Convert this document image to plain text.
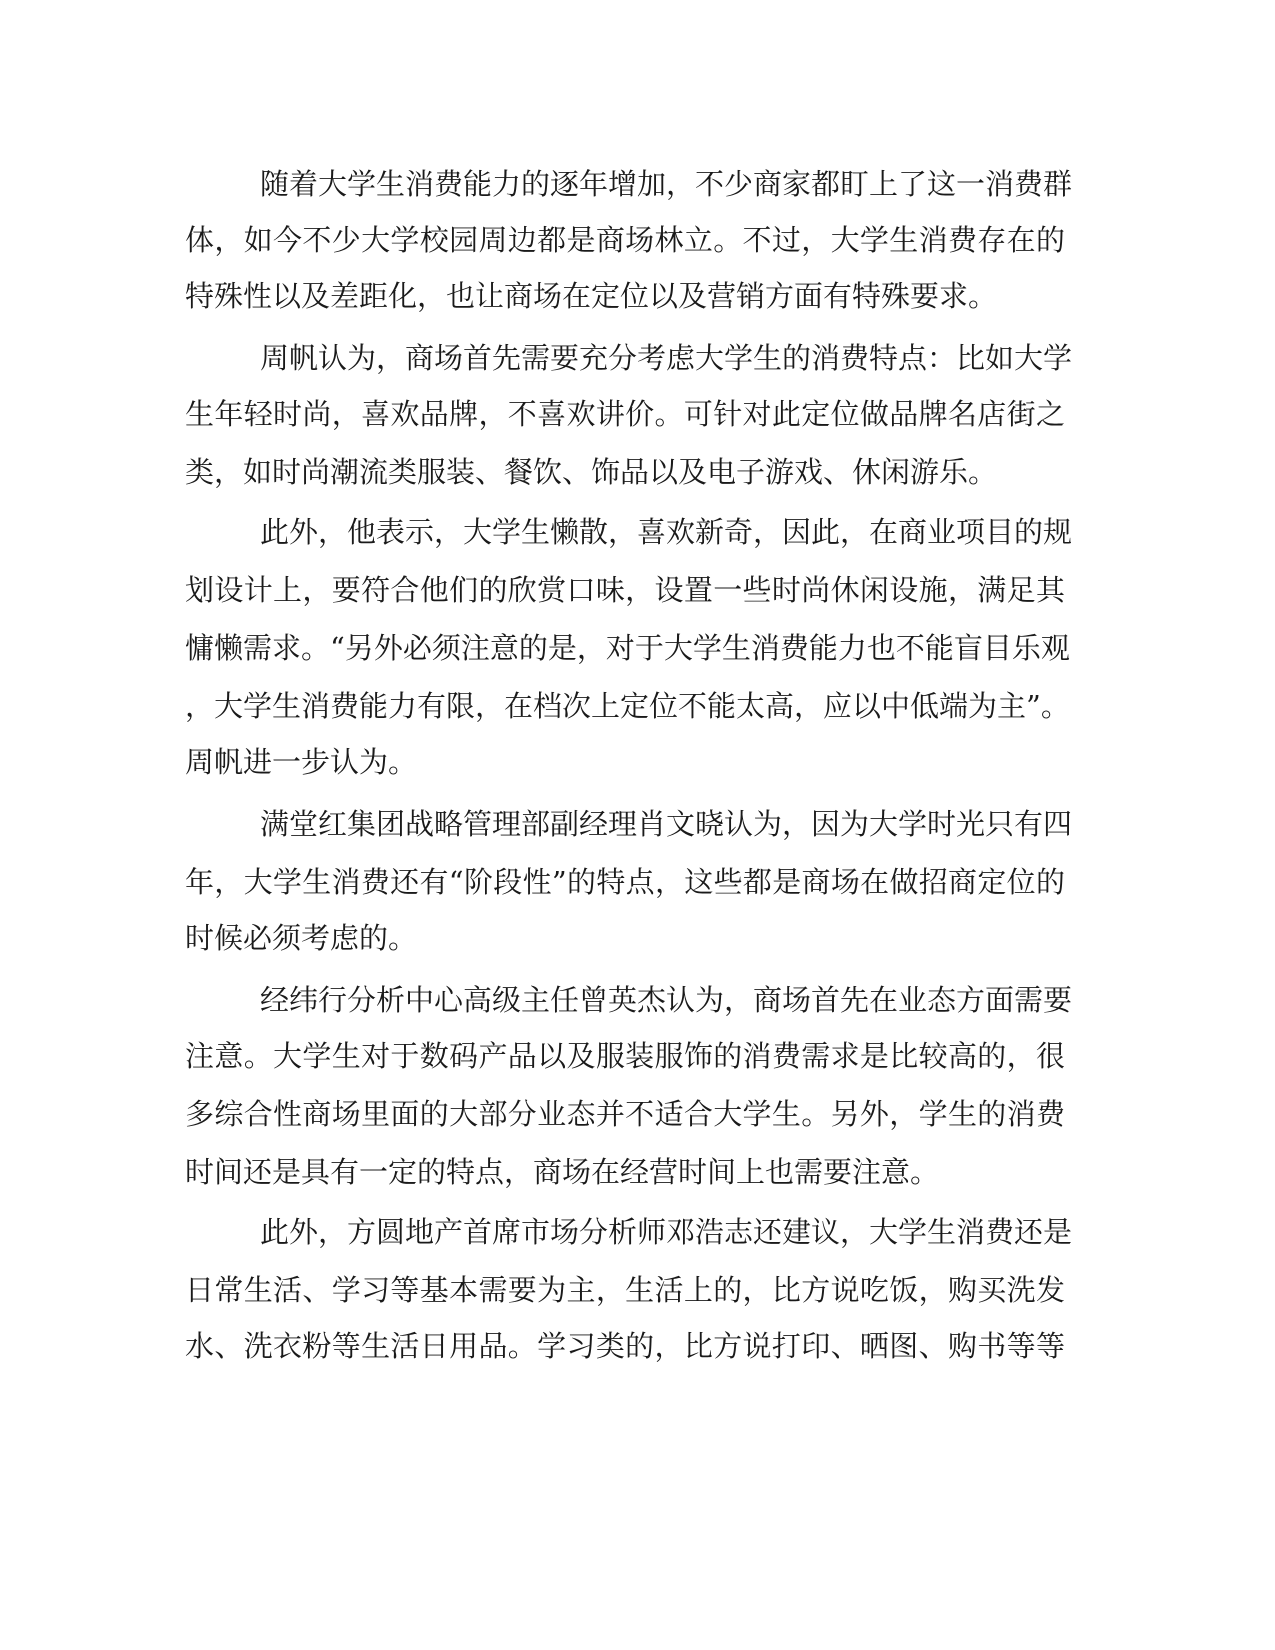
随着大学生消费能力的逐年增加，不少商家都盯上了这一消费群
体，如今不少大学校园周边都是商场林立。不过，大学生消费存在的
特殊性以及差距化，也让商场在定位以及营销方面有特殊要求。
周帆认为，商场首先需要充分考虑大学生的消费特点：比如大学
生年轻时尚，喜欢品牌，不喜欢讲价。可针对此定位做品牌名店街之
类，如时尚潮流类服装、餐饮、饰品以及电子游戏、休闲游乐。
此外，他表示，大学生懒散，喜欢新奇，因此，在商业项目的规
划设计上，要符合他们的欣赏口味，设置一些时尚休闲设施，满足其
慵懒需求。“另外必须注意的是，对于大学生消费能力也不能盲目乐观
，大学生消费能力有限，在档次上定位不能太高，应以中低端为主”。
周帆进一步认为。
满堂红集团战略管理部副经理肖文晓认为，因为大学时光只有四
年，大学生消费还有“阶段性”的特点，这些都是商场在做招商定位的
时候必须考虑的。
经纬行分析中心高级主任曾英杰认为，商场首先在业态方面需要
注意。大学生对于数码产品以及服装服饰的消费需求是比较高的，很
多综合性商场里面的大部分业态并不适合大学生。另外，学生的消费
时间还是具有一定的特点，商场在经营时间上也需要注意。
此外，方圆地产首席市场分析师邓浩志还建议，大学生消费还是
日常生活、学习等基本需要为主，生活上的，比方说吃饭，购买洗发
水、洗衣粉等生活日用品。学习类的，比方说打印、晒图、购书等等
